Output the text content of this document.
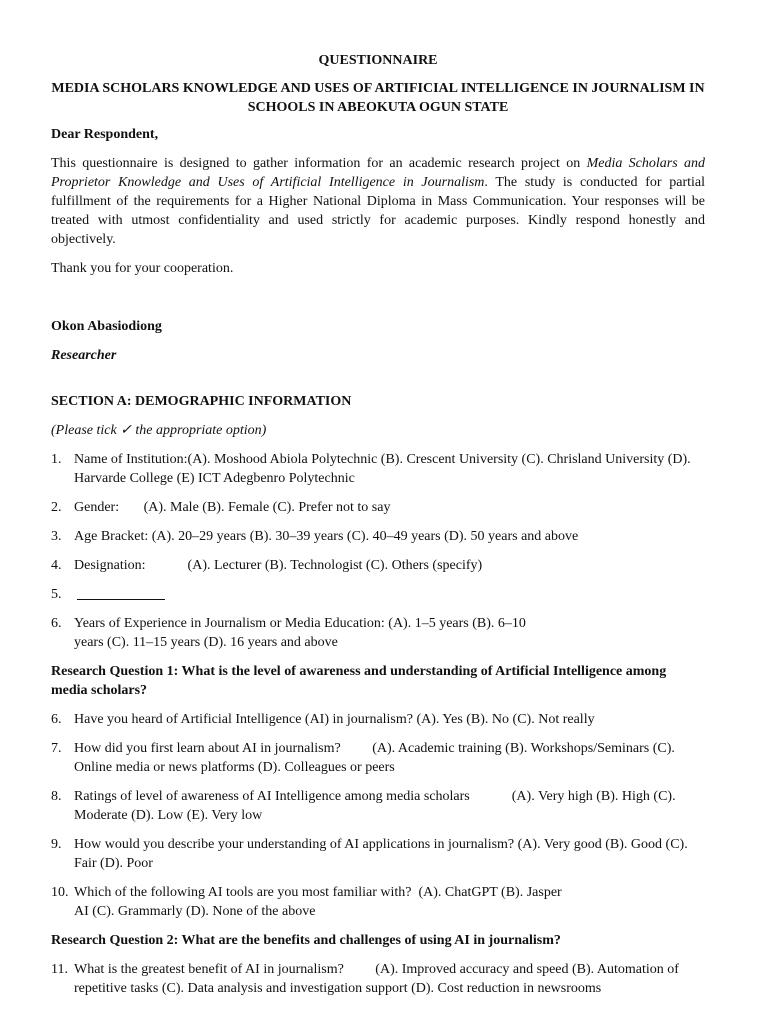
QUESTIONNAIRE

MEDIA SCHOLARS KNOWLEDGE AND USES OF ARTIFICIAL INTELLIGENCE IN JOURNALISM IN SCHOOLS IN ABEOKUTA OGUN STATE

Dear Respondent,

This questionnaire is designed to gather information for an academic research project on Media Scholars and Proprietor Knowledge and Uses of Artificial Intelligence in Journalism. The study is conducted for partial fulfillment of the requirements for a Higher National Diploma in Mass Communication. Your responses will be treated with utmost confidentiality and used strictly for academic purposes. Kindly respond honestly and objectively.

Thank you for your cooperation.

Okon Abasiodiong

Researcher

SECTION A: DEMOGRAPHIC INFORMATION

(Please tick ✓ the appropriate option)

1. Name of Institution:(A). Moshood Abiola Polytechnic (B). Crescent University (C). Chrisland University (D). Harvarde College (E) ICT Adegbenro Polytechnic
2. Gender:       (A). Male (B). Female (C). Prefer not to say
3. Age Bracket: (A). 20–29 years (B). 30–39 years (C). 40–49 years (D). 50 years and above
4. Designation:            (A). Lecturer (B). Technologist (C). Others (specify)
5.
6. Years of Experience in Journalism or Media Education: (A). 1–5 years (B). 6–10 years (C). 11–15 years (D). 16 years and above

Research Question 1: What is the level of awareness and understanding of Artificial Intelligence among media scholars?

6. Have you heard of Artificial Intelligence (AI) in journalism? (A). Yes (B). No (C). Not really
7. How did you first learn about AI in journalism?         (A). Academic training (B). Workshops/Seminars (C). Online media or news platforms (D). Colleagues or peers
8. Ratings of level of awareness of AI Intelligence among media scholars            (A). Very high (B). High (C). Moderate (D). Low (E). Very low
9. How would you describe your understanding of AI applications in journalism? (A). Very good (B). Good (C). Fair (D). Poor
10. Which of the following AI tools are you most familiar with?  (A). ChatGPT (B). Jasper AI (C). Grammarly (D). None of the above

Research Question 2: What are the benefits and challenges of using AI in journalism?

11. What is the greatest benefit of AI in journalism?         (A). Improved accuracy and speed (B). Automation of repetitive tasks (C). Data analysis and investigation support (D). Cost reduction in newsrooms
